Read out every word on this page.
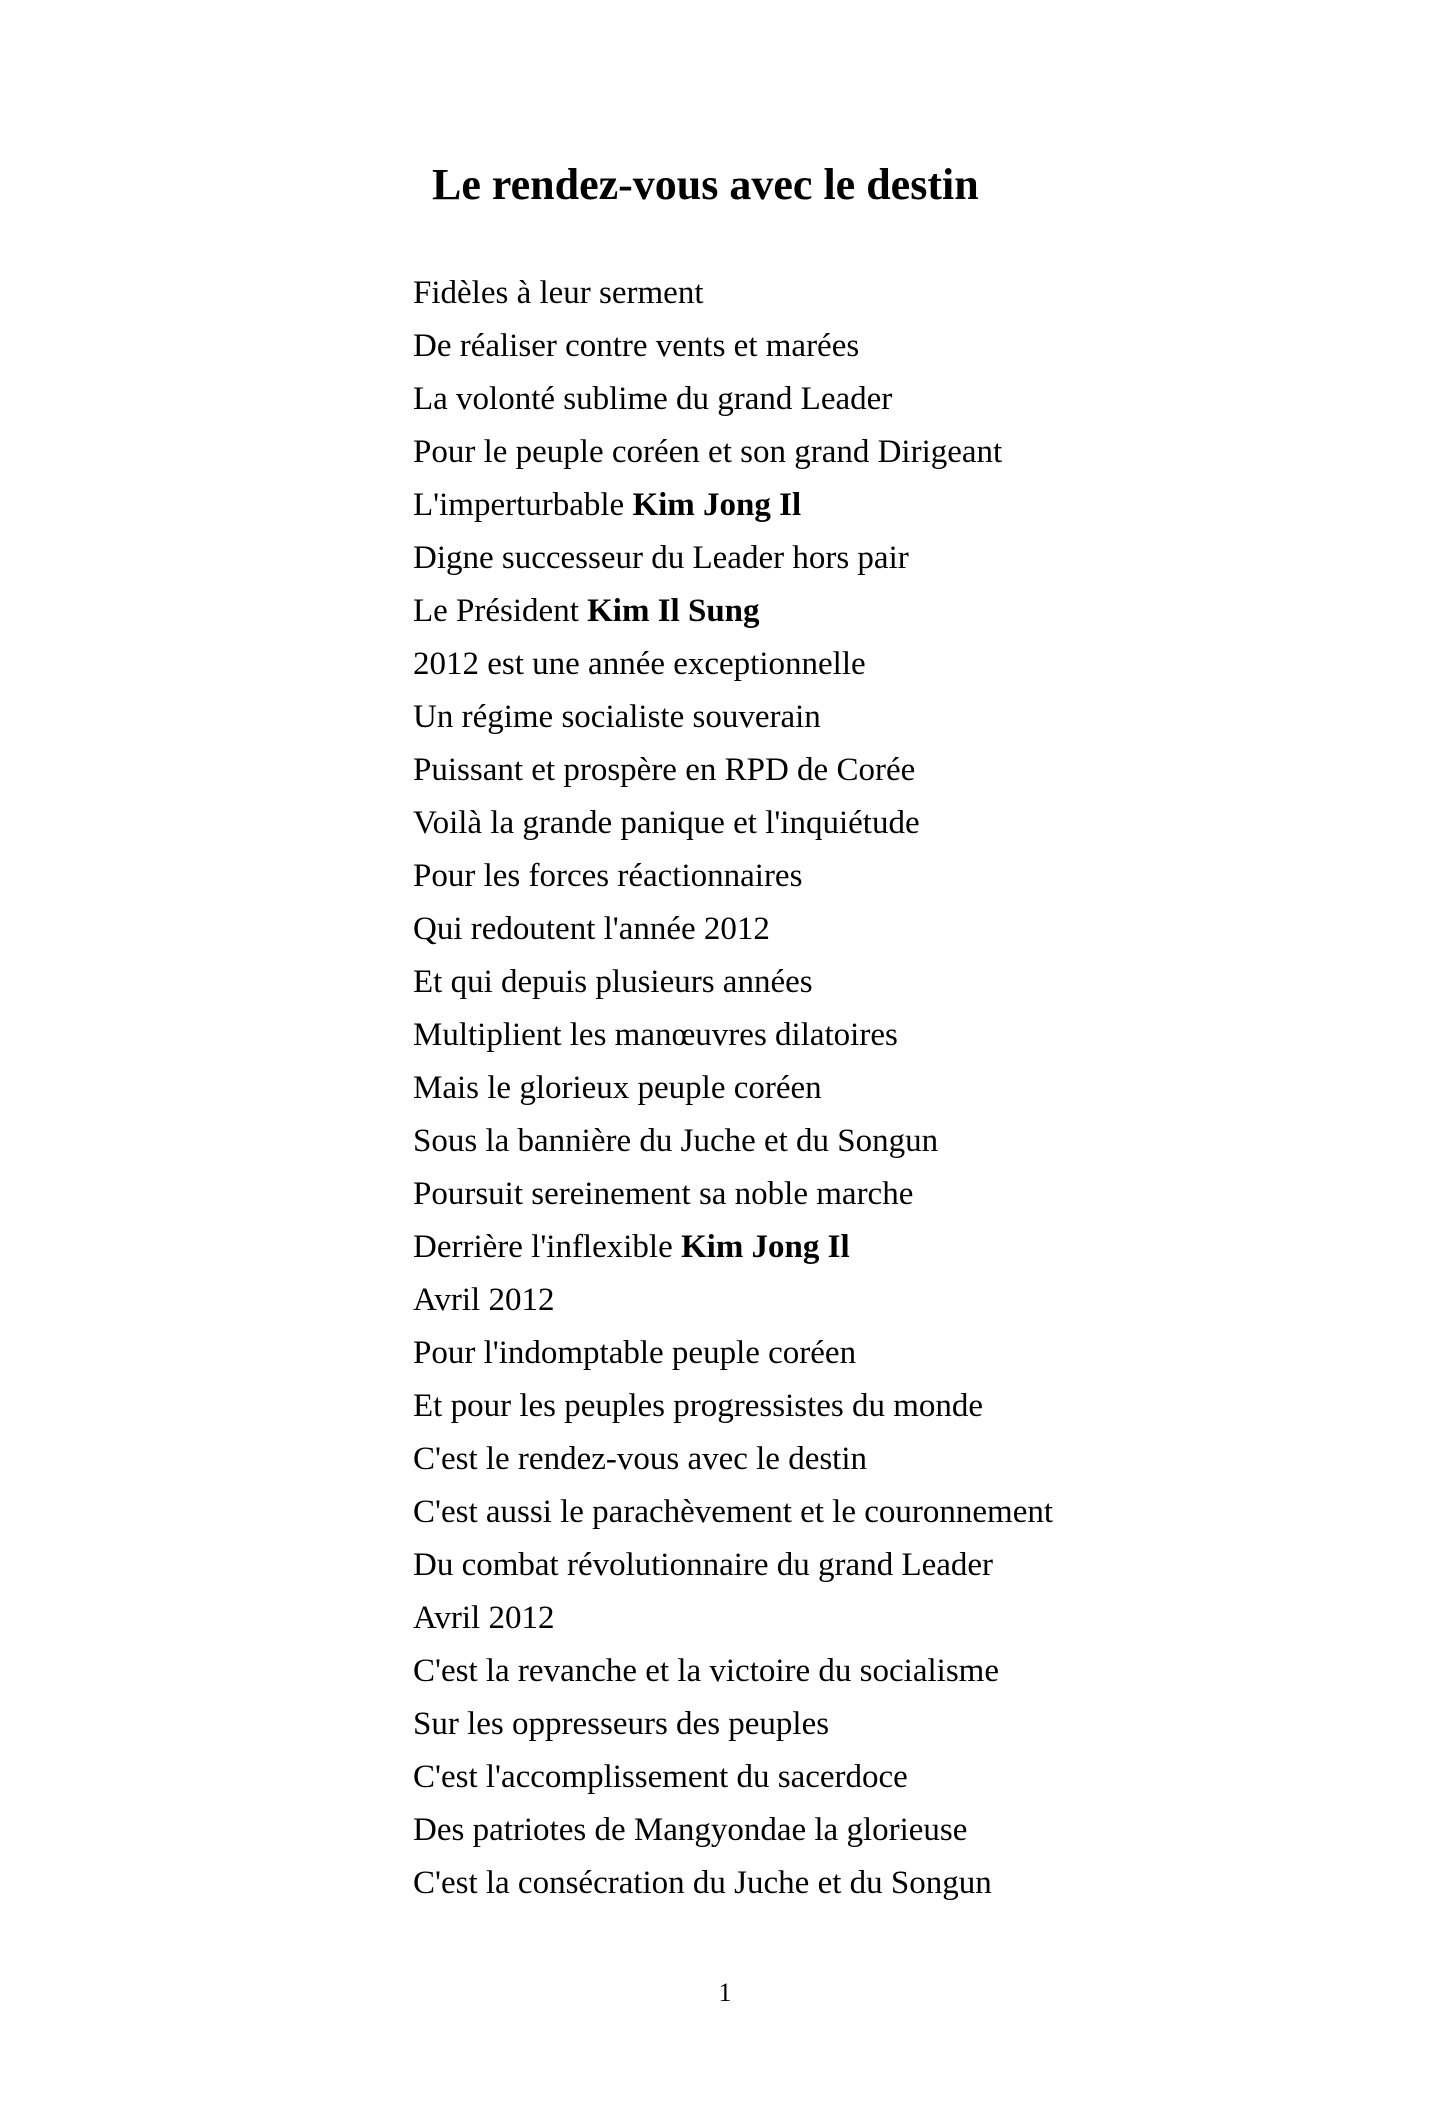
Le rendez-vous avec le destin
Fidèles à leur serment
De réaliser contre vents et marées
La volonté sublime du grand Leader
Pour le peuple coréen et son grand Dirigeant
L'imperturbable Kim Jong Il
Digne successeur du Leader hors pair
Le Président Kim Il Sung
2012 est une année exceptionnelle
Un régime socialiste souverain
Puissant et prospère en RPD de Corée
Voilà la grande panique et l'inquiétude
Pour les forces réactionnaires
Qui redoutent l'année 2012
Et qui depuis plusieurs années
Multiplient les manœuvres dilatoires
Mais le glorieux peuple coréen
Sous la bannière du Juche et du Songun
Poursuit sereinement sa noble marche
Derrière l'inflexible Kim Jong Il
Avril 2012
Pour l'indomptable peuple coréen
Et pour les peuples progressistes du monde
C'est le rendez-vous avec le destin
C'est aussi le parachèvement et le couronnement
Du combat révolutionnaire du grand Leader
Avril 2012
C'est la revanche et la victoire du socialisme
Sur les oppresseurs des peuples
C'est l'accomplissement du sacerdoce
Des patriotes de Mangyondae la glorieuse
C'est la consécration du Juche et du Songun
1
